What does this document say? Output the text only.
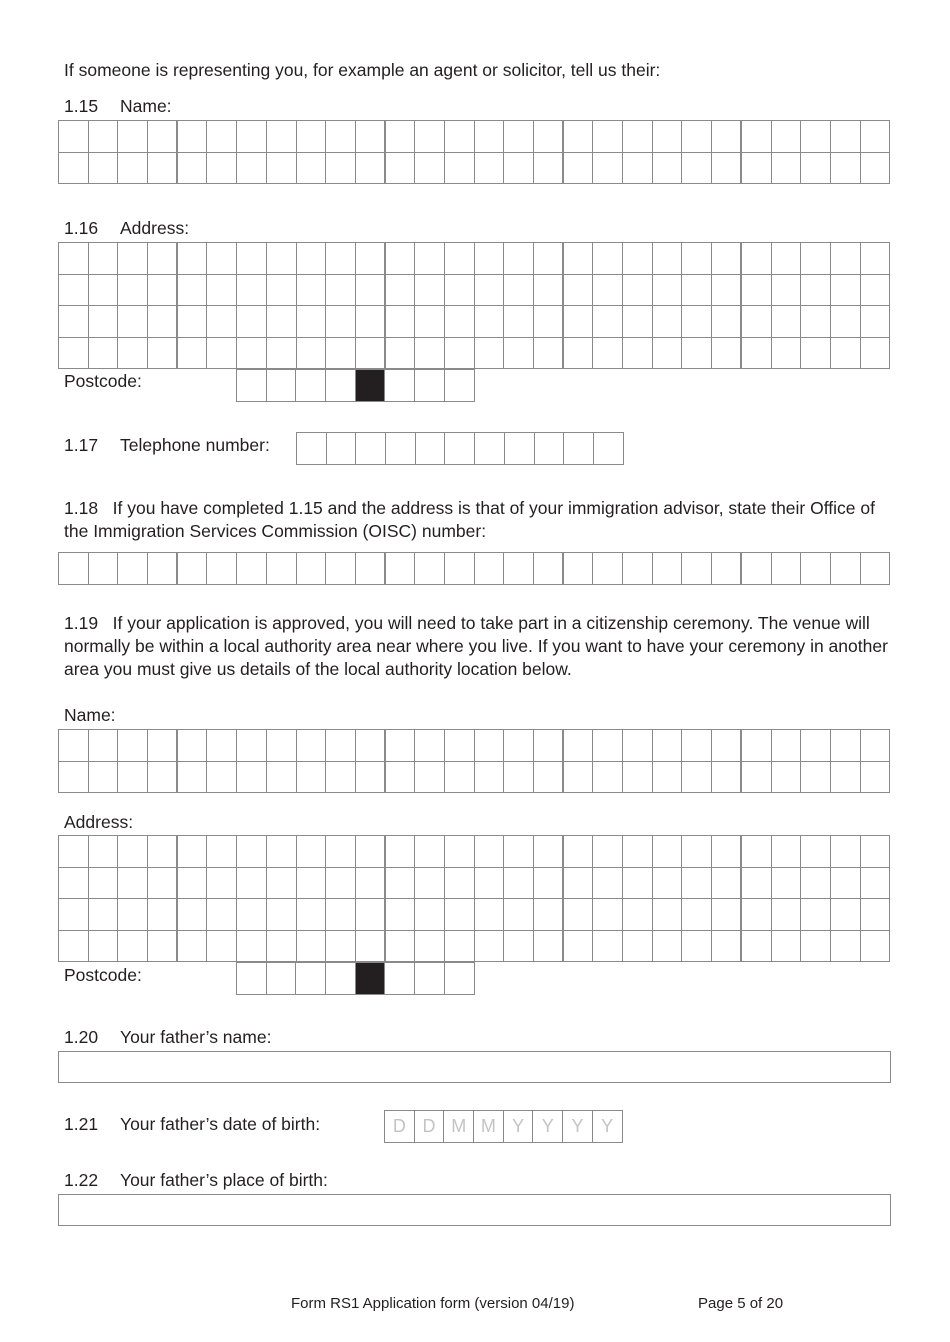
If someone is representing you, for example an agent or solicitor, tell us their:
1.15 Name:
1.16 Address:
Postcode:
1.17 Telephone number:
1.18 If you have completed 1.15 and the address is that of your immigration advisor, state their Office of the Immigration Services Commission (OISC) number:
1.19 If your application is approved, you will need to take part in a citizenship ceremony. The venue will normally be within a local authority area near where you live. If you want to have your ceremony in another area you must give us details of the local authority location below.
Name:
Address:
Postcode:
1.20 Your father’s name:
1.21 Your father’s date of birth:	D D M M Y Y Y Y
1.22 Your father’s place of birth:
Form RS1 Application form (version 04/19)	Page 5 of 20
